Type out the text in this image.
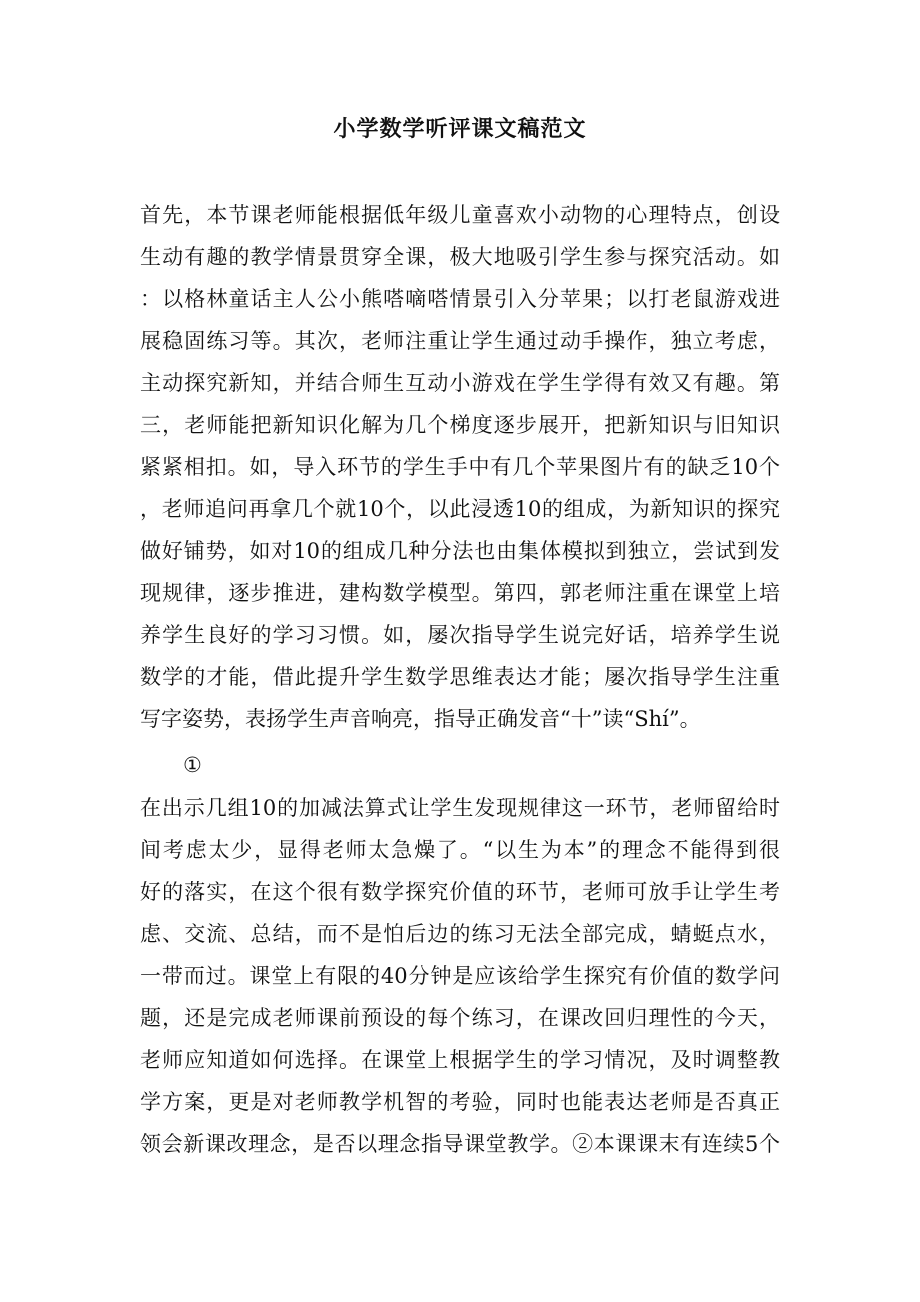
小学数学听评课文稿范文
首先，本节课老师能根据低年级儿童喜欢小动物的心理特点，创设
生动有趣的教学情景贯穿全课，极大地吸引学生参与探究活动。如
：以格林童话主人公小熊嗒嘀嗒情景引入分苹果；以打老鼠游戏进
展稳固练习等。其次，老师注重让学生通过动手操作，独立考虑，
主动探究新知，并结合师生互动小游戏在学生学得有效又有趣。第
三，老师能把新知识化解为几个梯度逐步展开，把新知识与旧知识
紧紧相扣。如，导入环节的学生手中有几个苹果图片有的缺乏10个
，老师追问再拿几个就10个，以此浸透10的组成，为新知识的探究
做好铺势，如对10的组成几种分法也由集体模拟到独立，尝试到发
现规律，逐步推进，建构数学模型。第四，郭老师注重在课堂上培
养学生良好的学习习惯。如，屡次指导学生说完好话，培养学生说
数学的才能，借此提升学生数学思维表达才能；屡次指导学生注重
写字姿势，表扬学生声音响亮，指导正确发音“十”读“Shí”。
①
在出示几组10的加减法算式让学生发现规律这一环节，老师留给时
间考虑太少，显得老师太急燥了。“以生为本”的理念不能得到很
好的落实，在这个很有数学探究价值的环节，老师可放手让学生考
虑、交流、总结，而不是怕后边的练习无法全部完成，蜻蜓点水，
一带而过。课堂上有限的40分钟是应该给学生探究有价值的数学问
题，还是完成老师课前预设的每个练习，在课改回归理性的今天，
老师应知道如何选择。在课堂上根据学生的学习情况，及时调整教
学方案，更是对老师教学机智的考验，同时也能表达老师是否真正
领会新课改理念，是否以理念指导课堂教学。②本课课末有连续5个
